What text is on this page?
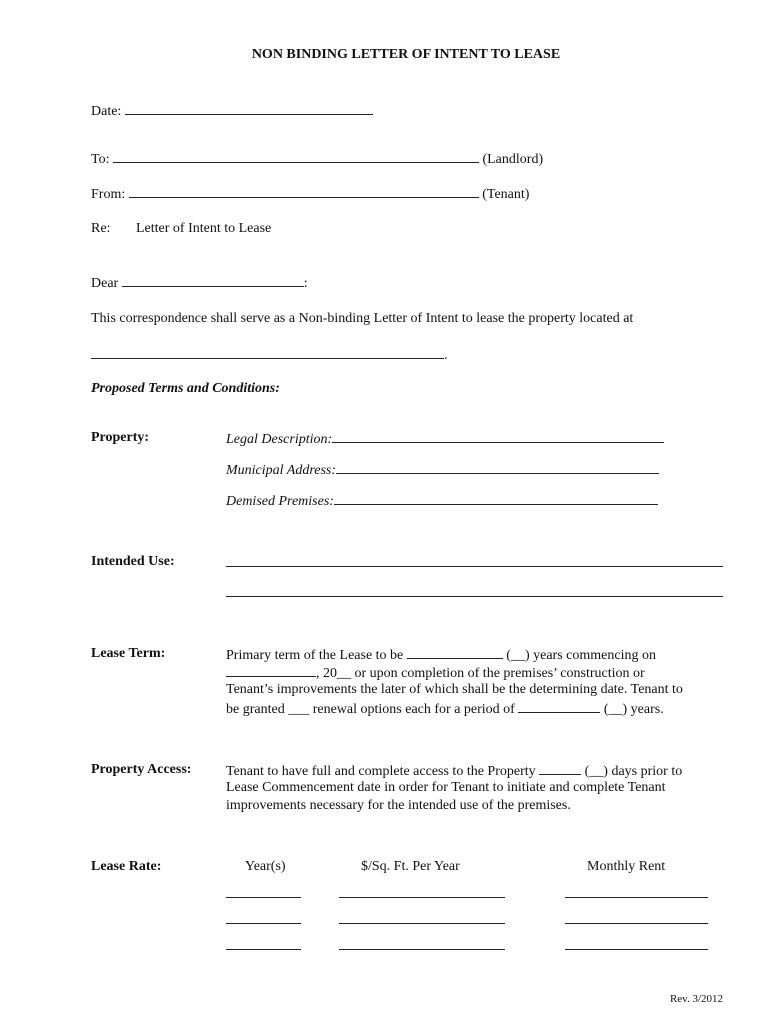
NON BINDING LETTER OF INTENT TO LEASE
Date:
To:	(Landlord)
From:	(Tenant)
Re: Letter of Intent to Lease
Dear	:
This correspondence shall serve as a Non-binding Letter of Intent to lease the property located at
.
Proposed Terms and Conditions:
Property:	Legal Description:
Municipal Address:
Demised Premises:
Intended Use:
Lease Term:	Primary term of the Lease to be	(__) years commencing on
, 20__ or upon completion of the premises’ construction or
Tenant’s improvements the later of which shall be the determining date. Tenant to
be granted ___ renewal options each for a period of	(__) years.
Property Access: Tenant to have full and complete access to the Property	(__) days prior to
Lease Commencement date in order for Tenant to initiate and complete Tenant
improvements necessary for the intended use of the premises.
Lease Rate:	Year(s)	$/Sq. Ft. Per Year	Monthly Rent
Rev. 3/2012
